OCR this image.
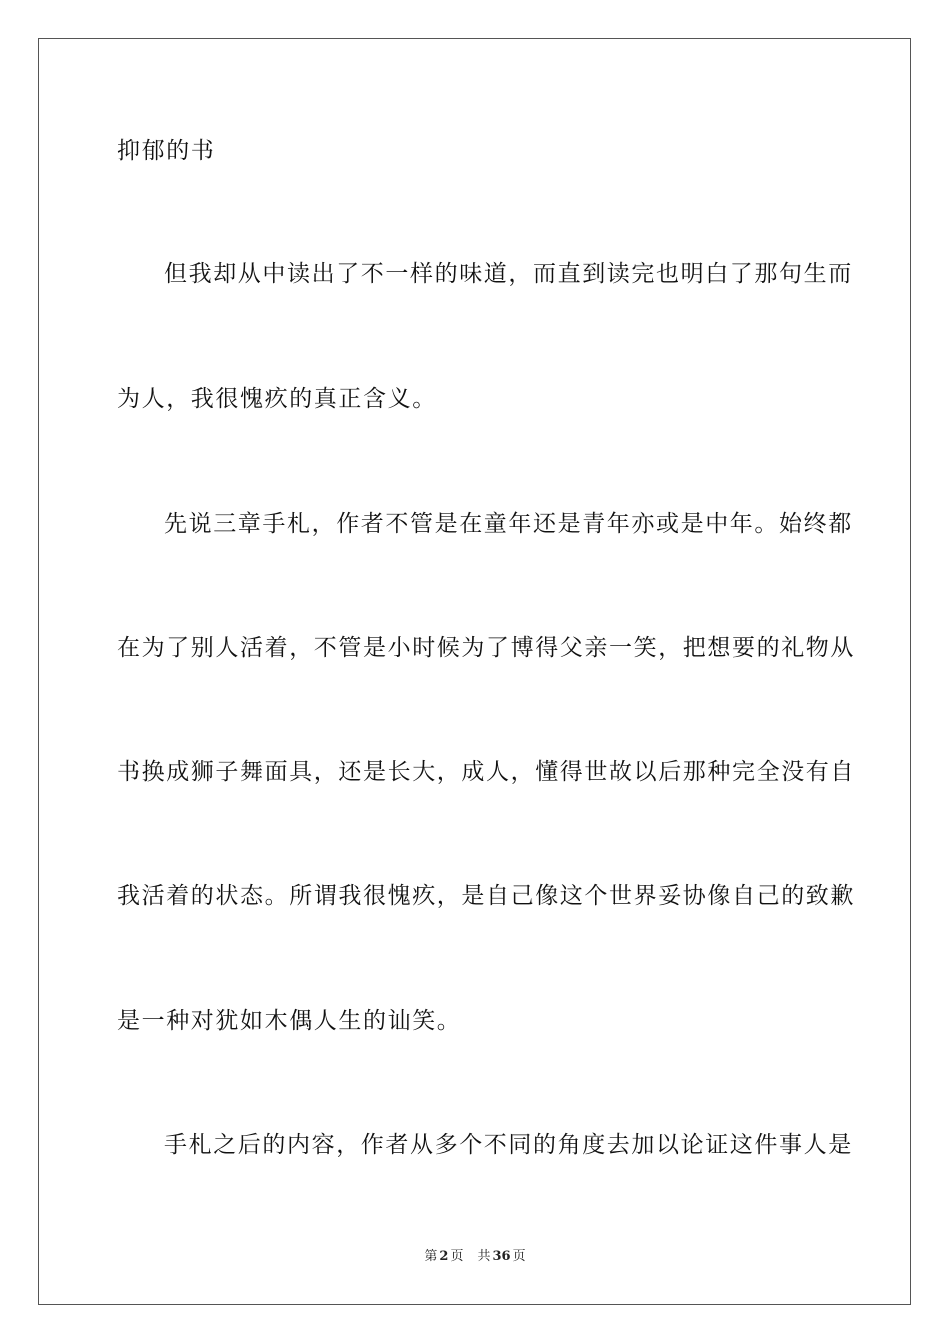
抑郁的书
但我却从中读出了不一样的味道，而直到读完也明白了那句生而
为人，我很愧疚的真正含义。
先说三章手札，作者不管是在童年还是青年亦或是中年。始终都
在为了别人活着，不管是小时候为了博得父亲一笑，把想要的礼物从
书换成狮子舞面具，还是长大，成人，懂得世故以后那种完全没有自
我活着的状态。所谓我很愧疚，是自己像这个世界妥协像自己的致歉
是一种对犹如木偶人生的讪笑。
手札之后的内容，作者从多个不同的角度去加以论证这件事人是
第 2 页 共 36 页
